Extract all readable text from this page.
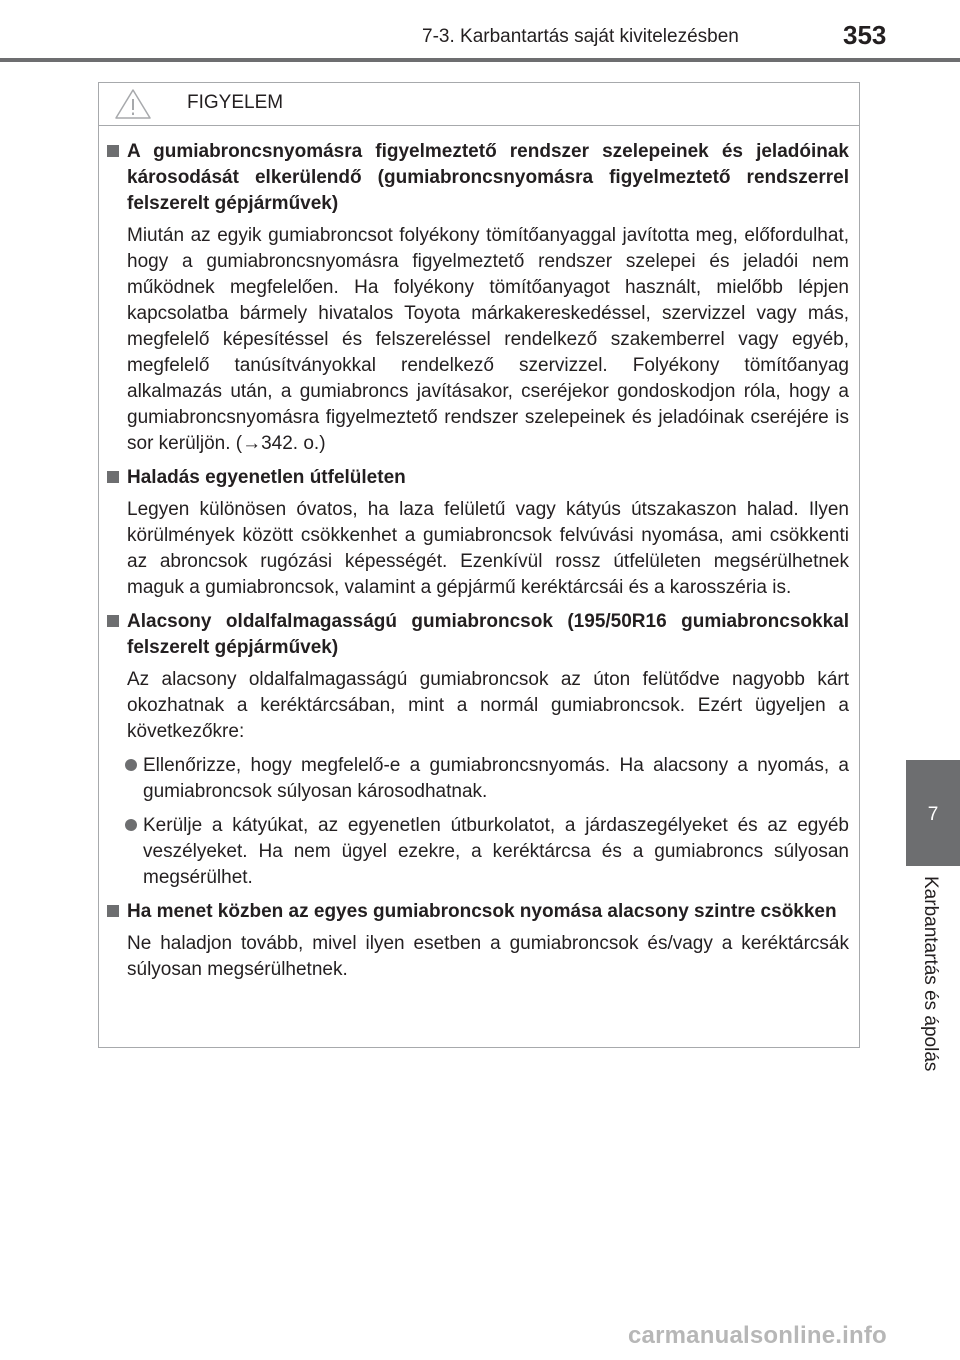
7-3. Karbantartás saját kivitelezésben	353
7
Karbantartás és ápolás
FIGYELEM
A gumiabroncsnyomásra figyelmeztető rendszer szelepeinek és jeladóinak károsodását elkerülendő (gumiabroncsnyomásra figyelmeztető rendszerrel felszerelt gépjárművek)
Miután az egyik gumiabroncsot folyékony tömítőanyaggal javította meg, előfordulhat, hogy a gumiabroncsnyomásra figyelmeztető rendszer szelepei és jeladói nem működnek megfelelően. Ha folyékony tömítőanyagot használt, mielőbb lépjen kapcsolatba bármely hivatalos Toyota márkakereskedéssel, szervizzel vagy más, megfelelő képesítéssel és felszereléssel rendelkező szakemberrel vagy egyéb, megfelelő tanúsítványokkal rendelkező szervizzel. Folyékony tömítőanyag alkalmazás után, a gumiabroncs javításakor, cseréjekor gondoskodjon róla, hogy a gumiabroncsnyomásra figyelmeztető rendszer szelepeinek és jeladóinak cseréjére is sor kerüljön. (→342. o.)
Haladás egyenetlen útfelületen
Legyen különösen óvatos, ha laza felületű vagy kátyús útszakaszon halad. Ilyen körülmények között csökkenhet a gumiabroncsok felvúvási nyomása, ami csökkenti az abroncsok rugózási képességét. Ezenkívül rossz útfelületen megsérülhetnek maguk a gumiabroncsok, valamint a gépjármű keréktárcsái és a karosszéria is.
Alacsony oldalfalmagasságú gumiabroncsok (195/50R16 gumiabroncsokkal felszerelt gépjárművek)
Az alacsony oldalfalmagasságú gumiabroncsok az úton felütődve nagyobb kárt okozhatnak a keréktárcsában, mint a normál gumiabroncsok. Ezért ügyeljen a következőkre:
Ellenőrizze, hogy megfelelő-e a gumiabroncsnyomás. Ha alacsony a nyomás, a gumiabroncsok súlyosan károsodhatnak.
Kerülje a kátyúkat, az egyenetlen útburkolatot, a járdaszegélyeket és az egyéb veszélyeket. Ha nem ügyel ezekre, a keréktárcsa és a gumiabroncs súlyosan megsérülhet.
Ha menet közben az egyes gumiabroncsok nyomása alacsony szintre csökken
Ne haladjon tovább, mivel ilyen esetben a gumiabroncsok és/vagy a keréktárcsák súlyosan megsérülhetnek.
carmanualsonline.info
